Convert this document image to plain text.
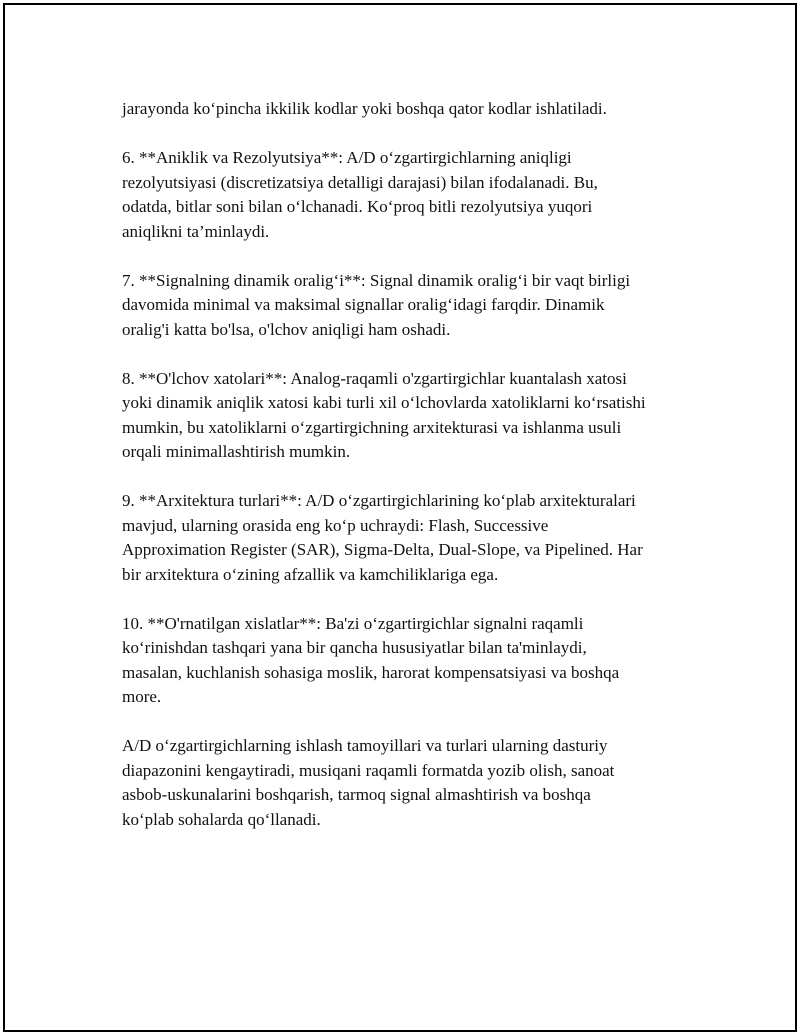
jarayonda ko‘pincha ikkilik kodlar yoki boshqa qator kodlar ishlatiladi.

6. **Aniklik va Rezolyutsiya**: A/D o‘zgartirgichlarning aniqligi
rezolyutsiyasi (discretizatsiya detalligi darajasi) bilan ifodalanadi. Bu,
odatda, bitlar soni bilan o‘lchanadi. Ko‘proq bitli rezolyutsiya yuqori
aniqlikni ta’minlaydi.

7. **Signalning dinamik oralig‘i**: Signal dinamik oralig‘i bir vaqt birligi
davomida minimal va maksimal signallar oralig‘idagi farqdir. Dinamik
oralig'i katta bo'lsa, o'lchov aniqligi ham oshadi.

8. **O'lchov xatolari**: Analog-raqamli o'zgartirgichlar kuantalash xatosi
yoki dinamik aniqlik xatosi kabi turli xil o‘lchovlarda xatoliklarni ko‘rsatishi
mumkin, bu xatoliklarni o‘zgartirgichning arxitekturasi va ishlanma usuli
orqali minimallashtirish mumkin.

9. **Arxitektura turlari**: A/D o‘zgartirgichlarining ko‘plab arxitekturalari
mavjud, ularning orasida eng ko‘p uchraydi: Flash, Successive
Approximation Register (SAR), Sigma-Delta, Dual-Slope, va Pipelined. Har
bir arxitektura o‘zining afzallik va kamchiliklariga ega.

10. **O'rnatilgan xislatlar**: Ba'zi o‘zgartirgichlar signalni raqamli
ko‘rinishdan tashqari yana bir qancha hususiyatlar bilan ta'minlaydi,
masalan, kuchlanish sohasiga moslik, harorat kompensatsiyasi va boshqa
more.

A/D o‘zgartirgichlarning ishlash tamoyillari va turlari ularning dasturiy
diapazonini kengaytiradi, musiqani raqamli formatda yozib olish, sanoat
asbob-uskunalarini boshqarish, tarmoq signal almashtirish va boshqa
ko‘plab sohalarda qo‘llanadi.
